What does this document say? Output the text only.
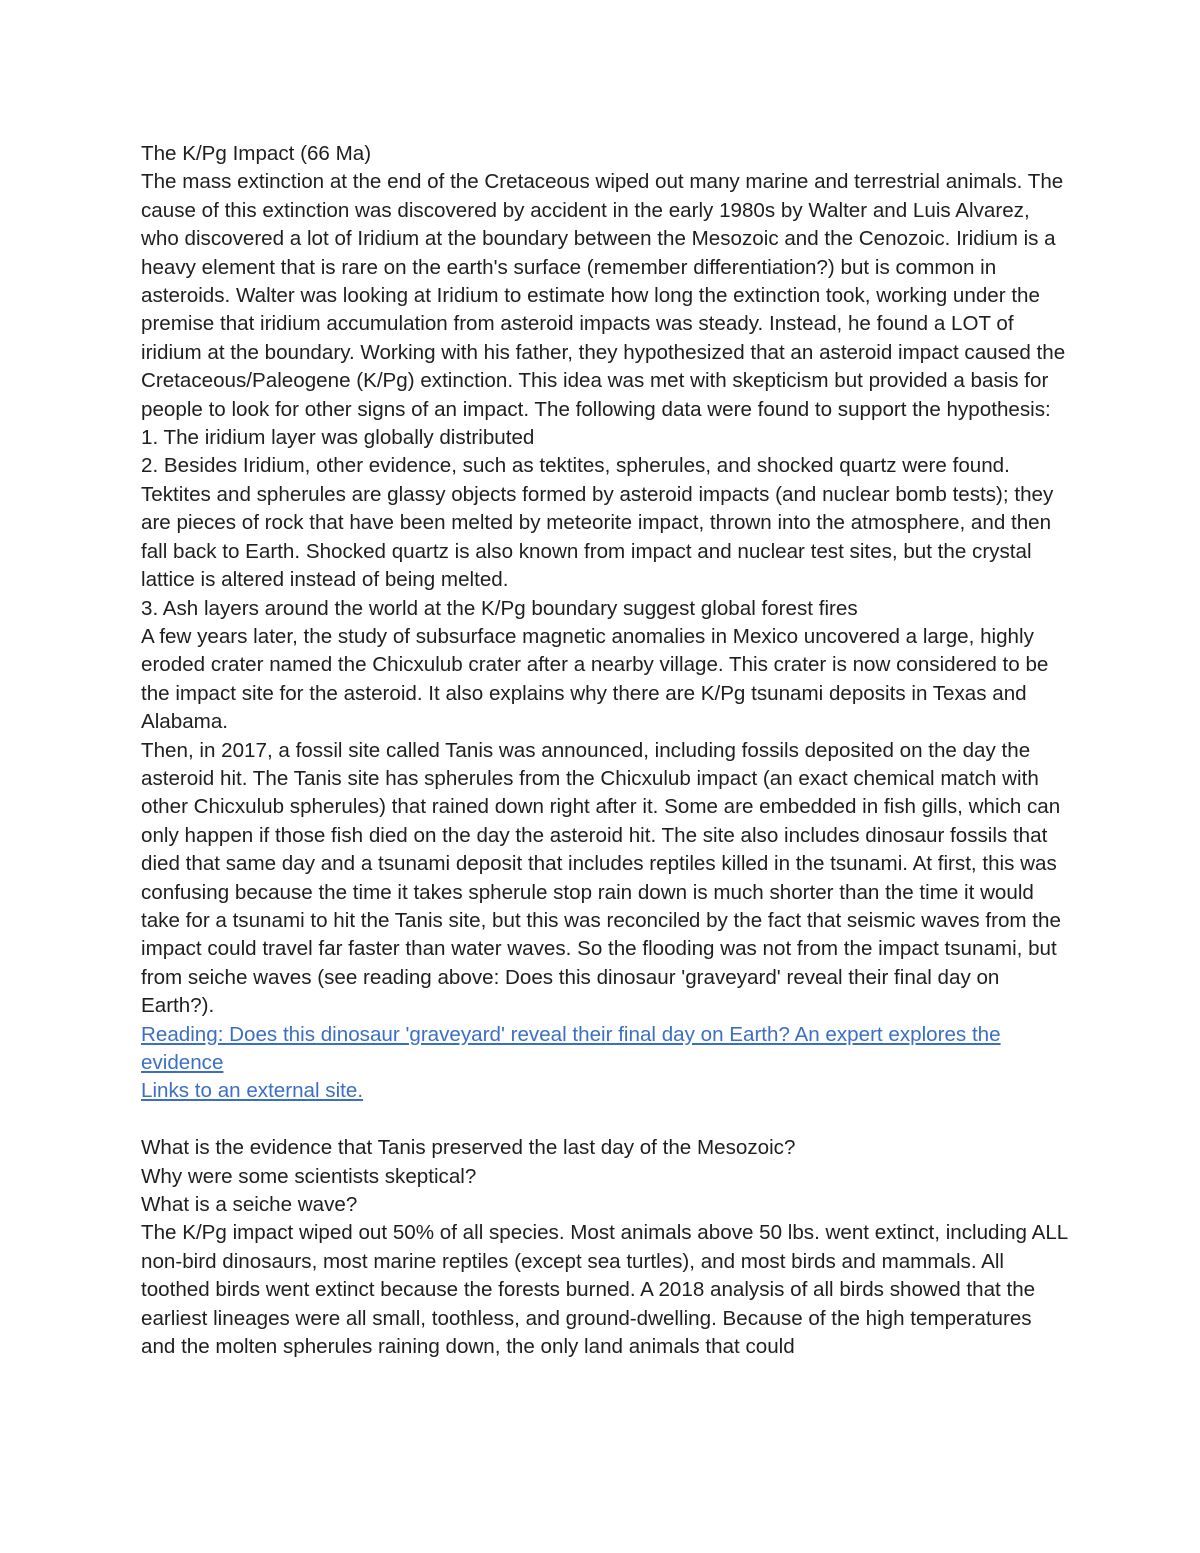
The K/Pg Impact (66 Ma)

The mass extinction at the end of the Cretaceous wiped out many marine and terrestrial animals. The cause of this extinction was discovered by accident in the early 1980s by Walter and Luis Alvarez, who discovered a lot of Iridium at the boundary between the Mesozoic and the Cenozoic. Iridium is a heavy element that is rare on the earth's surface (remember differentiation?) but is common in asteroids. Walter was looking at Iridium to estimate how long the extinction took, working under the premise that iridium accumulation from asteroid impacts was steady. Instead, he found a LOT of iridium at the boundary. Working with his father, they hypothesized that an asteroid impact caused the Cretaceous/Paleogene (K/Pg) extinction. This idea was met with skepticism but provided a basis for people to look for other signs of an impact. The following data were found to support the hypothesis:

1. The iridium layer was globally distributed

2. Besides Iridium, other evidence, such as tektites, spherules, and shocked quartz were found. Tektites and spherules are glassy objects formed by asteroid impacts (and nuclear bomb tests); they are pieces of rock that have been melted by meteorite impact, thrown into the atmosphere, and then fall back to Earth. Shocked quartz is also known from impact and nuclear test sites, but the crystal lattice is altered instead of being melted.

3. Ash layers around the world at the K/Pg boundary suggest global forest fires

A few years later, the study of subsurface magnetic anomalies in Mexico uncovered a large, highly eroded crater named the Chicxulub crater after a nearby village. This crater is now considered to be the impact site for the asteroid. It also explains why there are K/Pg tsunami deposits in Texas and Alabama.

Then, in 2017, a fossil site called Tanis was announced, including fossils deposited on the day the asteroid hit. The Tanis site has spherules from the Chicxulub impact (an exact chemical match with other Chicxulub spherules) that rained down right after it. Some are embedded in fish gills, which can only happen if those fish died on the day the asteroid hit. The site also includes dinosaur fossils that died that same day and a tsunami deposit that includes reptiles killed in the tsunami. At first, this was confusing because the time it takes spherule stop rain down is much shorter than the time it would take for a tsunami to hit the Tanis site, but this was reconciled by the fact that seismic waves from the impact could travel far faster than water waves. So the flooding was not from the impact tsunami, but from seiche waves (see reading above: Does this dinosaur 'graveyard' reveal their final day on Earth?).

Reading: Does this dinosaur 'graveyard' reveal their final day on Earth? An expert explores the evidence

Links to an external site.

What is the evidence that Tanis preserved the last day of the Mesozoic?

Why were some scientists skeptical?

What is a seiche wave?

The K/Pg impact wiped out 50% of all species. Most animals above 50 lbs. went extinct, including ALL non-bird dinosaurs, most marine reptiles (except sea turtles), and most birds and mammals. All toothed birds went extinct because the forests burned. A 2018 analysis of all birds showed that the earliest lineages were all small, toothless, and ground-dwelling. Because of the high temperatures and the molten spherules raining down, the only land animals that could
